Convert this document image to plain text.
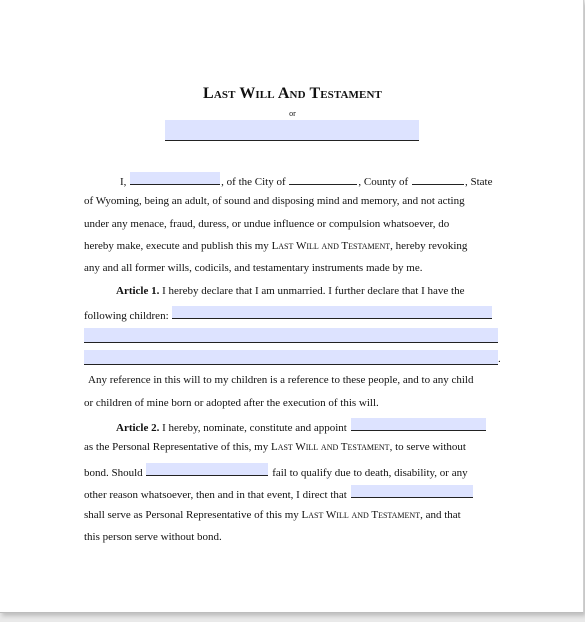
Last Will And Testament
or
I,	, of the City of	, County of	, State
of Wyoming, being an adult, of sound and disposing mind and memory, and not acting
under any menace, fraud, duress, or undue influence or compulsion whatsoever, do
hereby make, execute and publish this my Last Will and Testament, hereby revoking
any and all former wills, codicils, and testamentary instruments made by me.
Article 1. I hereby declare that I am unmarried. I further declare that I have the
following children:
.
Any reference in this will to my children is a reference to these people, and to any child
or children of mine born or adopted after the execution of this will.
Article 2. I hereby, nominate, constitute and appoint
as the Personal Representative of this, my Last Will and Testament, to serve without
bond. Should	fail to qualify due to death, disability, or any
other reason whatsoever, then and in that event, I direct that
shall serve as Personal Representative of this my Last Will and Testament, and that
this person serve without bond.
